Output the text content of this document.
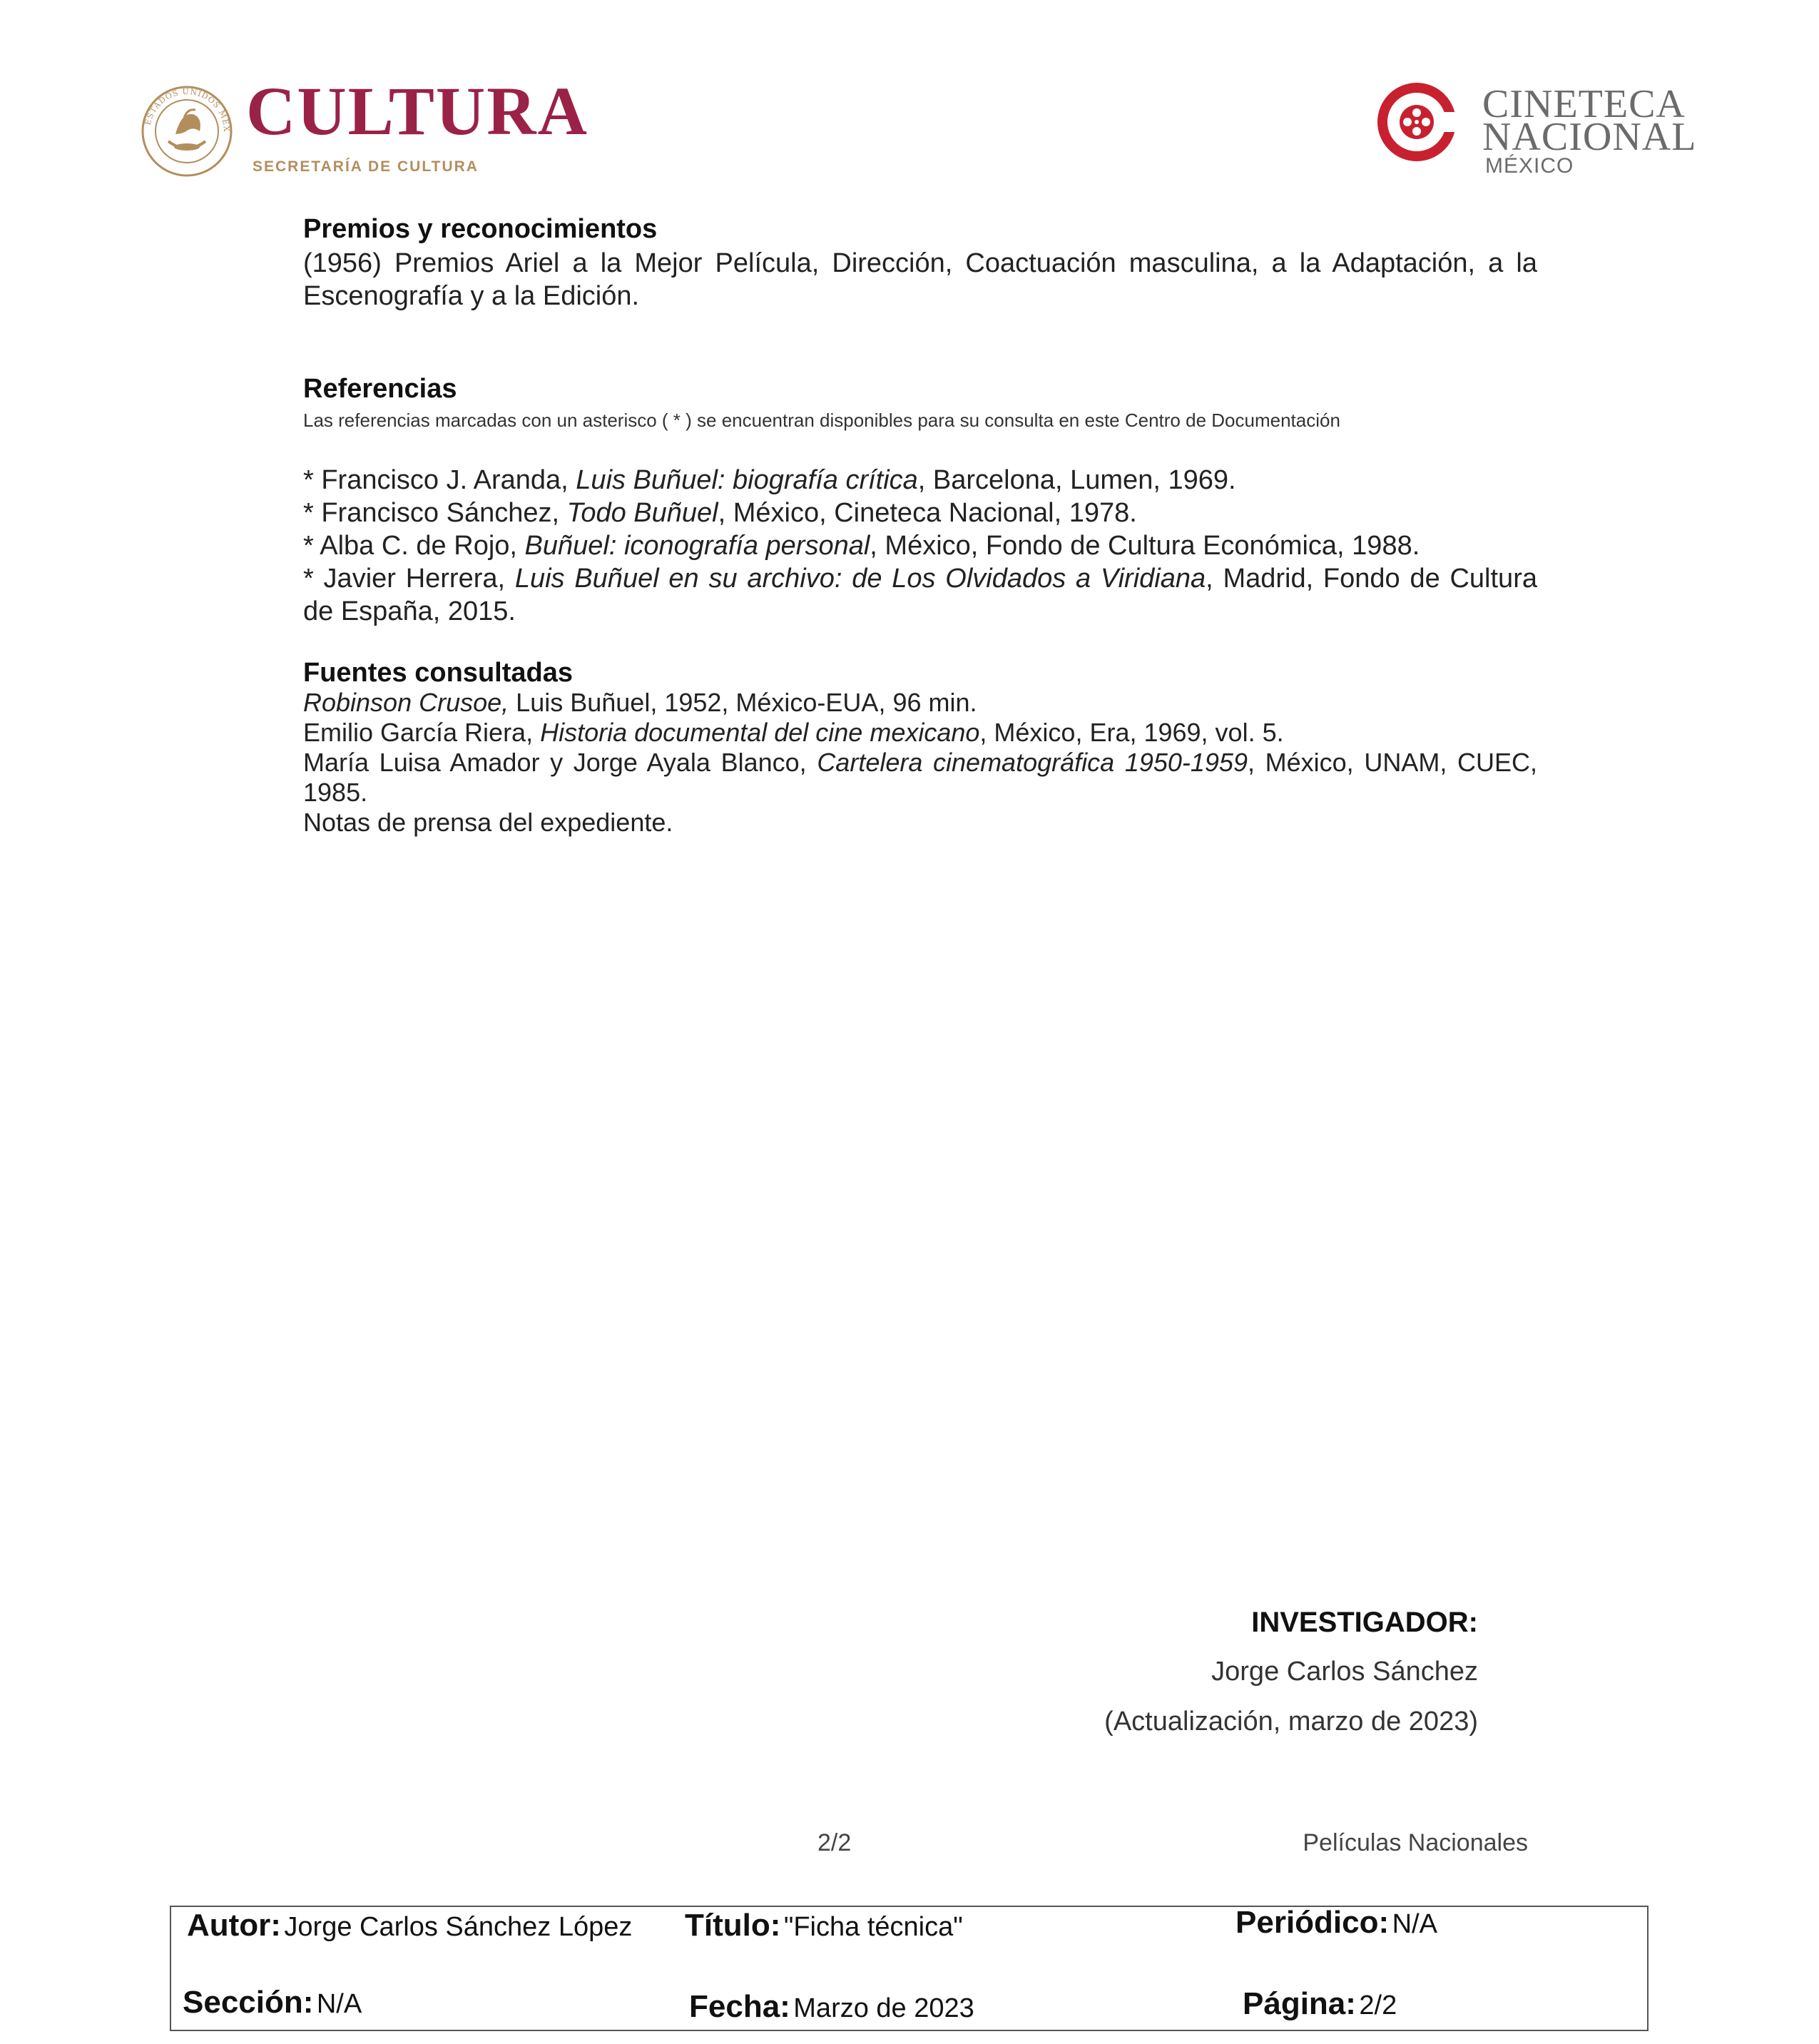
ESTADOS UNIDOS MEX CULTURA
SECRETARÍA DE CULTURA
CINETECA
NACIONAL
MÉXICO
Premios y reconocimientos
(1956) Premios Ariel a la Mejor Película, Dirección, Coactuación masculina, a la Adaptación, a la Escenografía y a la Edición.
Referencias
Las referencias marcadas con un asterisco ( * ) se encuentran disponibles para su consulta en este Centro de Documentación
* Francisco J. Aranda, Luis Buñuel: biografía crítica, Barcelona, Lumen, 1969.
* Francisco Sánchez, Todo Buñuel, México, Cineteca Nacional, 1978.
* Alba C. de Rojo, Buñuel: iconografía personal, México, Fondo de Cultura Económica, 1988.
* Javier Herrera, Luis Buñuel en su archivo: de Los Olvidados a Viridiana, Madrid, Fondo de Cultura de España, 2015.
Fuentes consultadas
Robinson Crusoe, Luis Buñuel, 1952, México-EUA, 96 min.
Emilio García Riera, Historia documental del cine mexicano, México, Era, 1969, vol. 5.
María Luisa Amador y Jorge Ayala Blanco, Cartelera cinematográfica 1950-1959, México, UNAM, CUEC, 1985.
Notas de prensa del expediente.
INVESTIGADOR:
Jorge Carlos Sánchez
(Actualización, marzo de 2023)
2/2	Películas Nacionales
Autor: Jorge Carlos Sánchez López Título: "Ficha técnica"	Periódico: N/A
Sección: N/A	Fecha: Marzo de 2023	Página: 2/2
